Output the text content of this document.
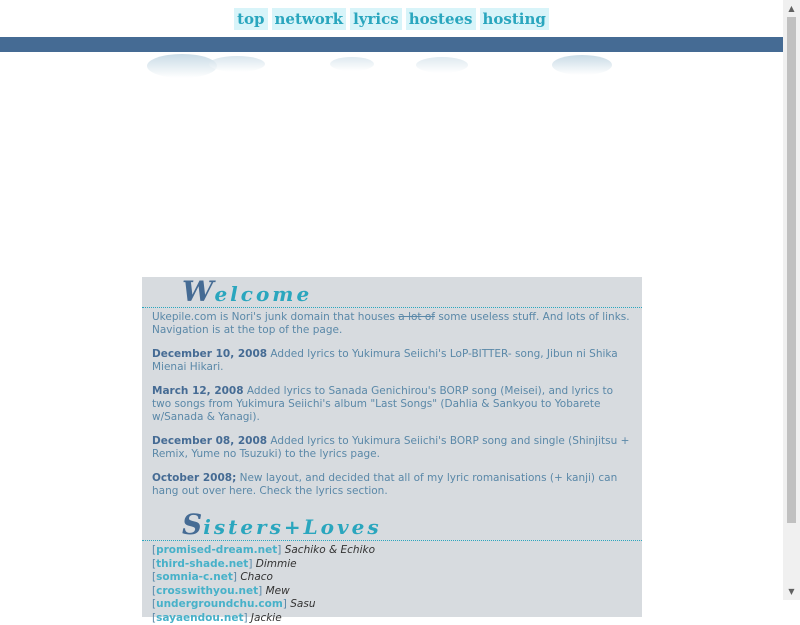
top network lyrics hostees hosting
Welcome

Ukepile.com is Nori's junk domain that houses a lot of some useless stuff. And lots of links. Navigation is at the top of the page.

December 10, 2008 Added lyrics to Yukimura Seiichi's LoP-BITTER- song, Jibun ni Shika Mienai Hikari.

March 12, 2008 Added lyrics to Sanada Genichirou's BORP song (Meisei), and lyrics to two songs from Yukimura Seiichi's album "Last Songs" (Dahlia & Sankyou to Yobarete w/Sanada & Yanagi).

December 08, 2008 Added lyrics to Yukimura Seiichi's BORP song and single (Shinjitsu + Remix, Yume no Tsuzuki) to the lyrics page.

October 2008; New layout, and decided that all of my lyric romanisations (+ kanji) can hang out over here. Check the lyrics section.

Sisters+Loves
[promised-dream.net] Sachiko & Echiko
[third-shade.net] Dimmie
[somnia-c.net] Chaco
[crosswithyou.net] Mew
[undergroundchu.com] Sasu
[sayaendou.net] Jackie
▲
▼
